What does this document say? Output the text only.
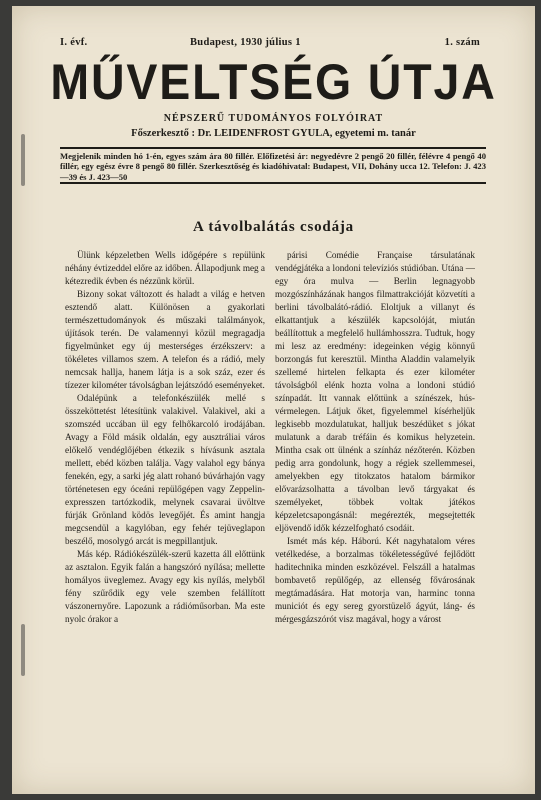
I. évf.	Budapest, 1930 július 1	1. szám
MŰVELTSÉG ÚTJA
NÉPSZERŰ TUDOMÁNYOS FOLYÓIRAT
Főszerkesztő : Dr. LEIDENFROST GYULA, egyetemi m. tanár
Megjelenik minden hó 1-én, egyes szám ára 80 fillér. Előfizetési ár: negyedévre 2 pengő 20 fillér, félévre 4 pengő 40 fillér, egy egész évre 8 pengő 80 fillér. Szerkesztőség és kiadóhivatal: Budapest, VII, Dohány ucca 12. Telefon: J. 423—39 és J. 423—50
A távolbalátás csodája

Ülünk képzeletben Wells időgépére s repülünk néhány évtizeddel előre az időben. Állapodjunk meg a kétezredik évben és nézzünk körül.

Bizony sokat változott és haladt a világ e hetven esztendő alatt. Különösen a gyakorlati természettudományok és műszaki találmányok, újítások terén. De valamennyi közül megragadja figyelmünket egy új mesterséges érzékszerv: a tökéletes villamos szem. A telefon és a rádió, mely nemcsak hallja, hanem látja is a sok száz, ezer és tízezer kilométer távolságban lejátszódó eseményeket.

Odalépünk a telefonkészülék mellé s összeköttetést létesítünk valakivel. Valakivel, aki a szomszéd uccában ül egy felhőkarcoló irodájában. Avagy a Föld másik oldalán, egy ausztráliai város előkelő vendéglőjében étkezik s hívásunk asztala mellett, ebéd közben találja. Vagy valahol egy bánya fenekén, egy, a sarki jég alatt rohanó búvárhajón vagy történetesen egy óceáni repülőgépen vagy Zeppelin-expresszen tartózkodik, melynek csavarai üvöltve fúrják Grönland ködös levegőjét. És amint hangja megcsendül a kagylóban, egy fehér tejüveglapon beszélő, mosolygó arcát is megpillantjuk.

Más kép. Rádiókészülék-szerű kazetta áll előttünk az asztalon. Egyik falán a hangszóró nyílása; mellette homályos üveglemez. Avagy egy kis nyílás, melyből fény szűrődik egy vele szemben felállított vászonernyőre. Lapozunk a rádióműsorban. Ma este nyolc órakor a

párisi Comédie Française társulatának vendégjátéka a londoni televíziós stúdióban. Utána — egy óra mulva — Berlin legnagyobb mozgószínházának hangos filmattrakcióját közvetíti a berlini távolbalátó-rádió. Eloltjuk a villanyt és elkattantjuk a készülék kapcsolóját, miután beállítottuk a megfelelő hullámhosszra. Tudtuk, hogy mi lesz az eredmény: idegeinken végig könnyű borzongás fut keresztül. Mintha Aladdin valamelyik szellemé hirtelen felkapta és ezer kilométer távolságból elénk hozta volna a londoni stúdió színpadát. Itt vannak előttünk a színészek, hús-vérmelegen. Látjuk őket, figyelemmel kísérheljük legkisebb mozdulatukat, halljuk beszédüket s jókat mulatunk a darab tréfáin és komikus helyzetein. Mintha csak ott ülnénk a színház nézőterén. Közben pedig arra gondolunk, hogy a régiek szellemmesei, amelyekben egy titokzatos hatalom bármikor elővarázsolhatta a távolban levő tárgyakat és személyeket, többek voltak játékos képzeletcsapongásnál: megérezték, megsejtették eljövendő idők kézzelfogható csodáit.

Ismét más kép. Háború. Két nagyhatalom véres vetélkedése, a borzalmas tökéletességűvé fejlődött haditechnika minden eszközével. Felszáll a hatalmas bombavető repülőgép, az ellenség fővárosának megtámadására. Hat motorja van, harminc tonna municiót és egy sereg gyorstüzelő ágyút, láng- és mérgesgázszórót visz magával, hogy a várost
